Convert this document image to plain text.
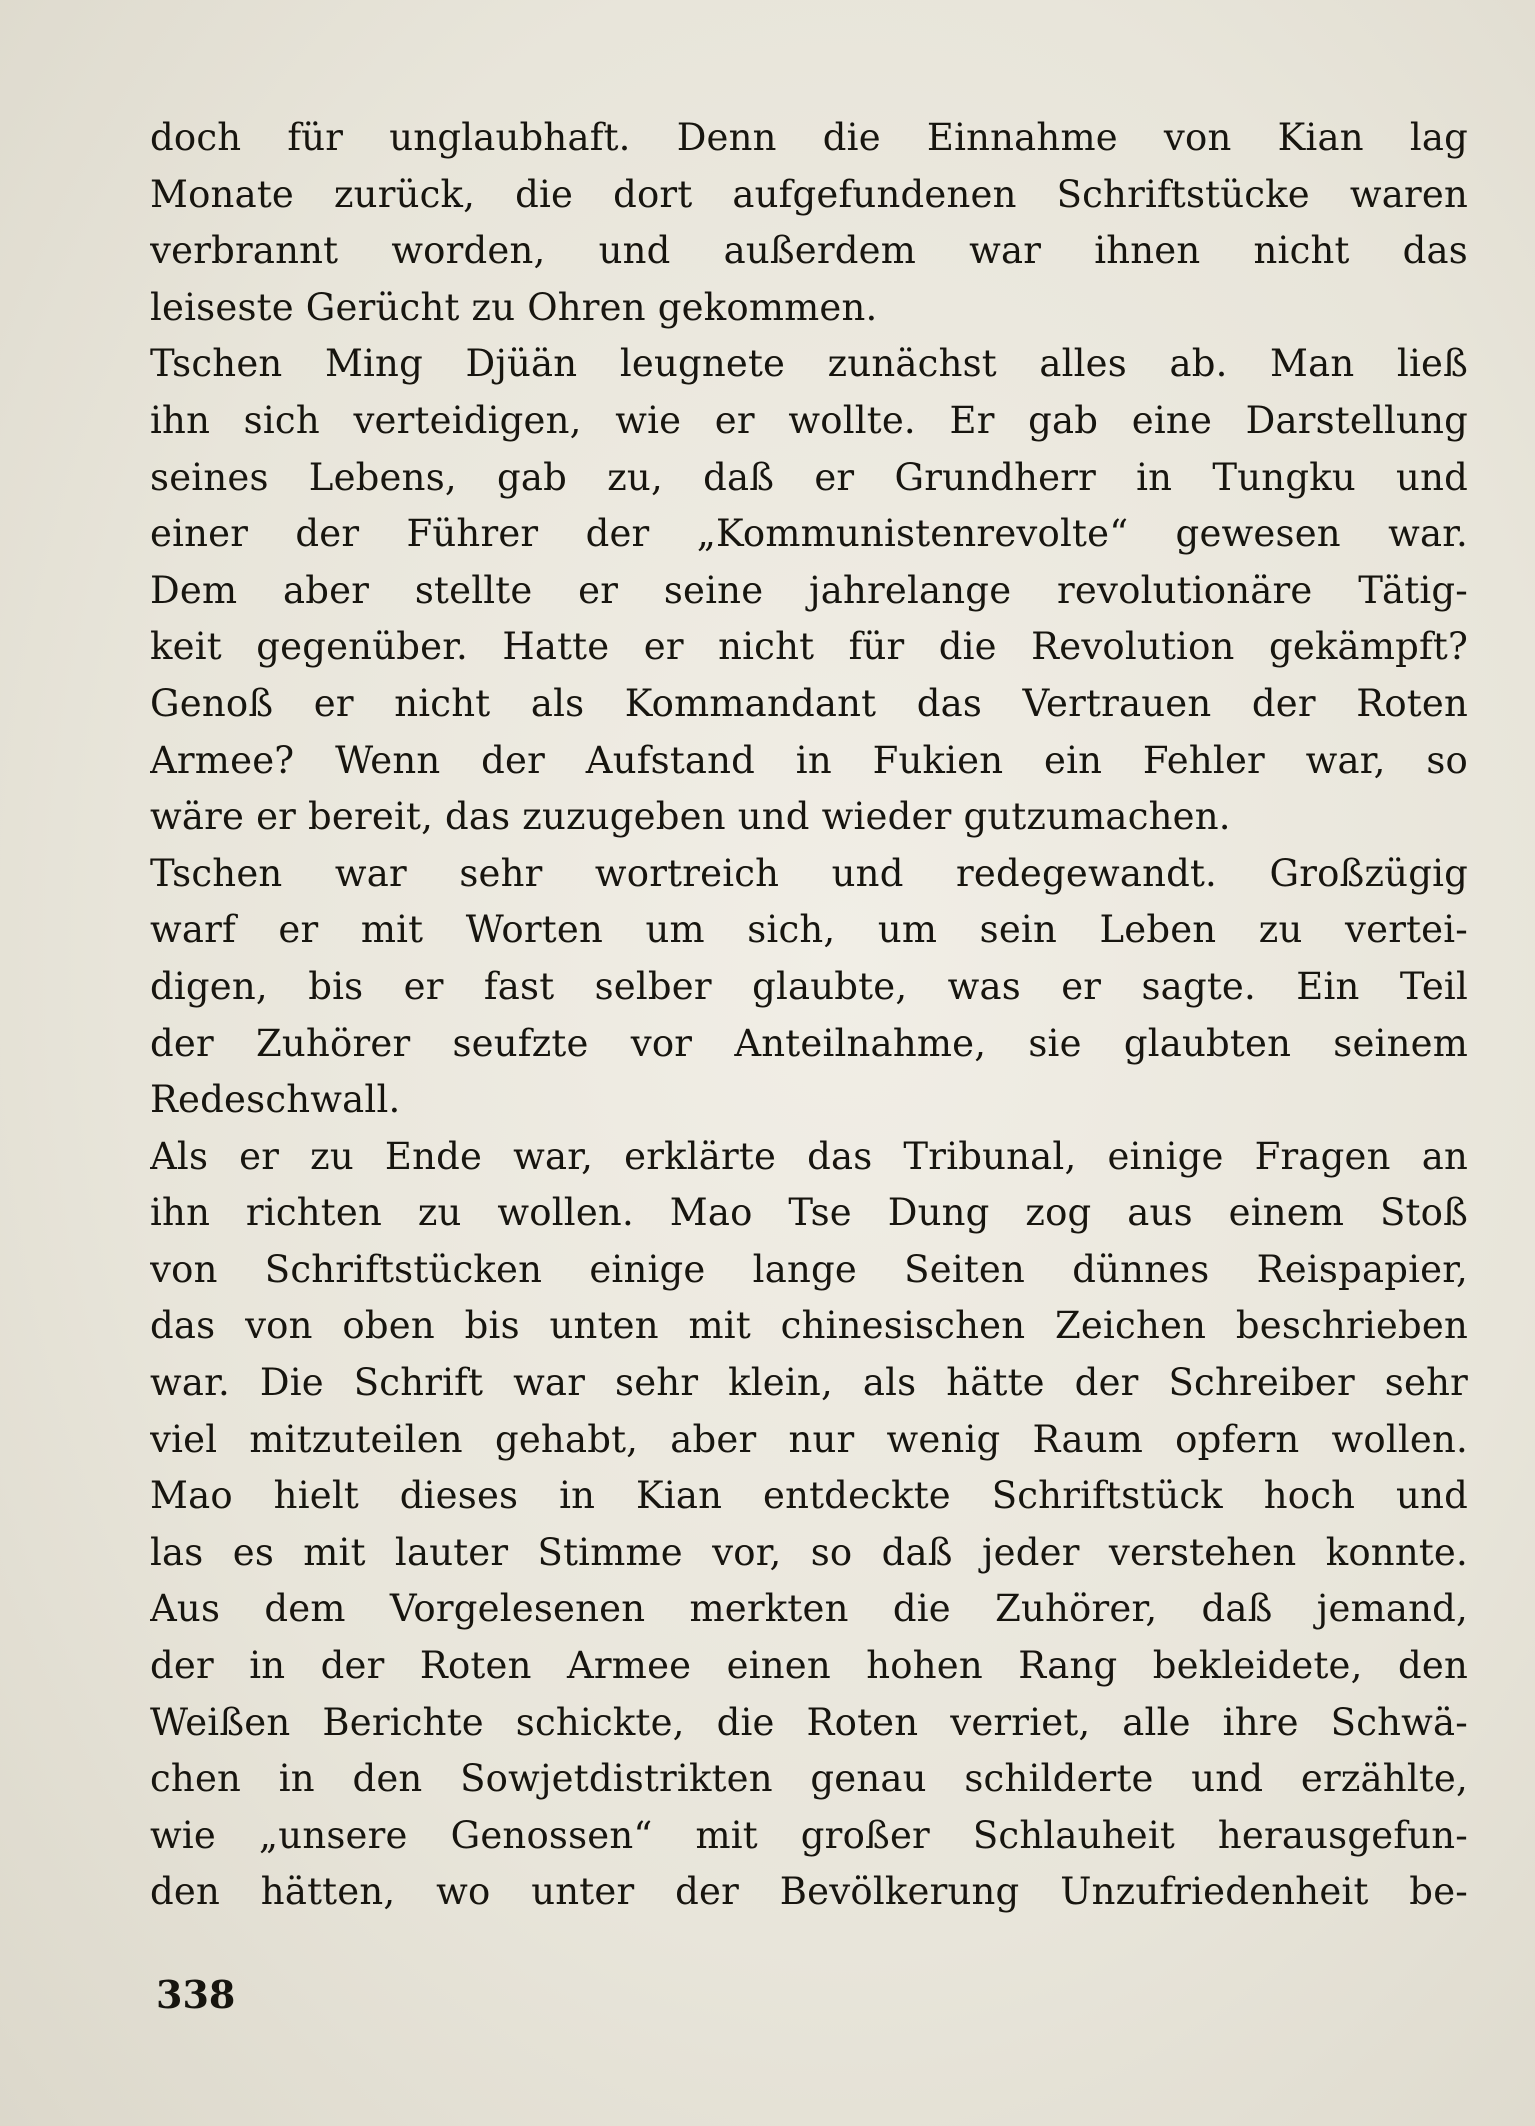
doch für unglaubhaft. Denn die Einnahme von Kian lag
Monate zurück, die dort aufgefundenen Schriftstücke waren
verbrannt worden, und außerdem war ihnen nicht das
leiseste Gerücht zu Ohren gekommen.
Tschen Ming Djüän leugnete zunächst alles ab. Man ließ
ihn sich verteidigen, wie er wollte. Er gab eine Darstellung
seines Lebens, gab zu, daß er Grundherr in Tungku und
einer der Führer der „Kommunistenrevolte“ gewesen war.
Dem aber stellte er seine jahrelange revolutionäre Tätig-
keit gegenüber. Hatte er nicht für die Revolution gekämpft?
Genoß er nicht als Kommandant das Vertrauen der Roten
Armee? Wenn der Aufstand in Fukien ein Fehler war, so
wäre er bereit, das zuzugeben und wieder gutzumachen.
Tschen war sehr wortreich und redegewandt. Großzügig
warf er mit Worten um sich, um sein Leben zu vertei-
digen, bis er fast selber glaubte, was er sagte. Ein Teil
der Zuhörer seufzte vor Anteilnahme, sie glaubten seinem
Redeschwall.
Als er zu Ende war, erklärte das Tribunal, einige Fragen an
ihn richten zu wollen. Mao Tse Dung zog aus einem Stoß
von Schriftstücken einige lange Seiten dünnes Reispapier,
das von oben bis unten mit chinesischen Zeichen beschrieben
war. Die Schrift war sehr klein, als hätte der Schreiber sehr
viel mitzuteilen gehabt, aber nur wenig Raum opfern wollen.
Mao hielt dieses in Kian entdeckte Schriftstück hoch und
las es mit lauter Stimme vor, so daß jeder verstehen konnte.
Aus dem Vorgelesenen merkten die Zuhörer, daß jemand,
der in der Roten Armee einen hohen Rang bekleidete, den
Weißen Berichte schickte, die Roten verriet, alle ihre Schwä-
chen in den Sowjetdistrikten genau schilderte und erzählte,
wie „unsere Genossen“ mit großer Schlauheit herausgefun-
den hätten, wo unter der Bevölkerung Unzufriedenheit be-
338
